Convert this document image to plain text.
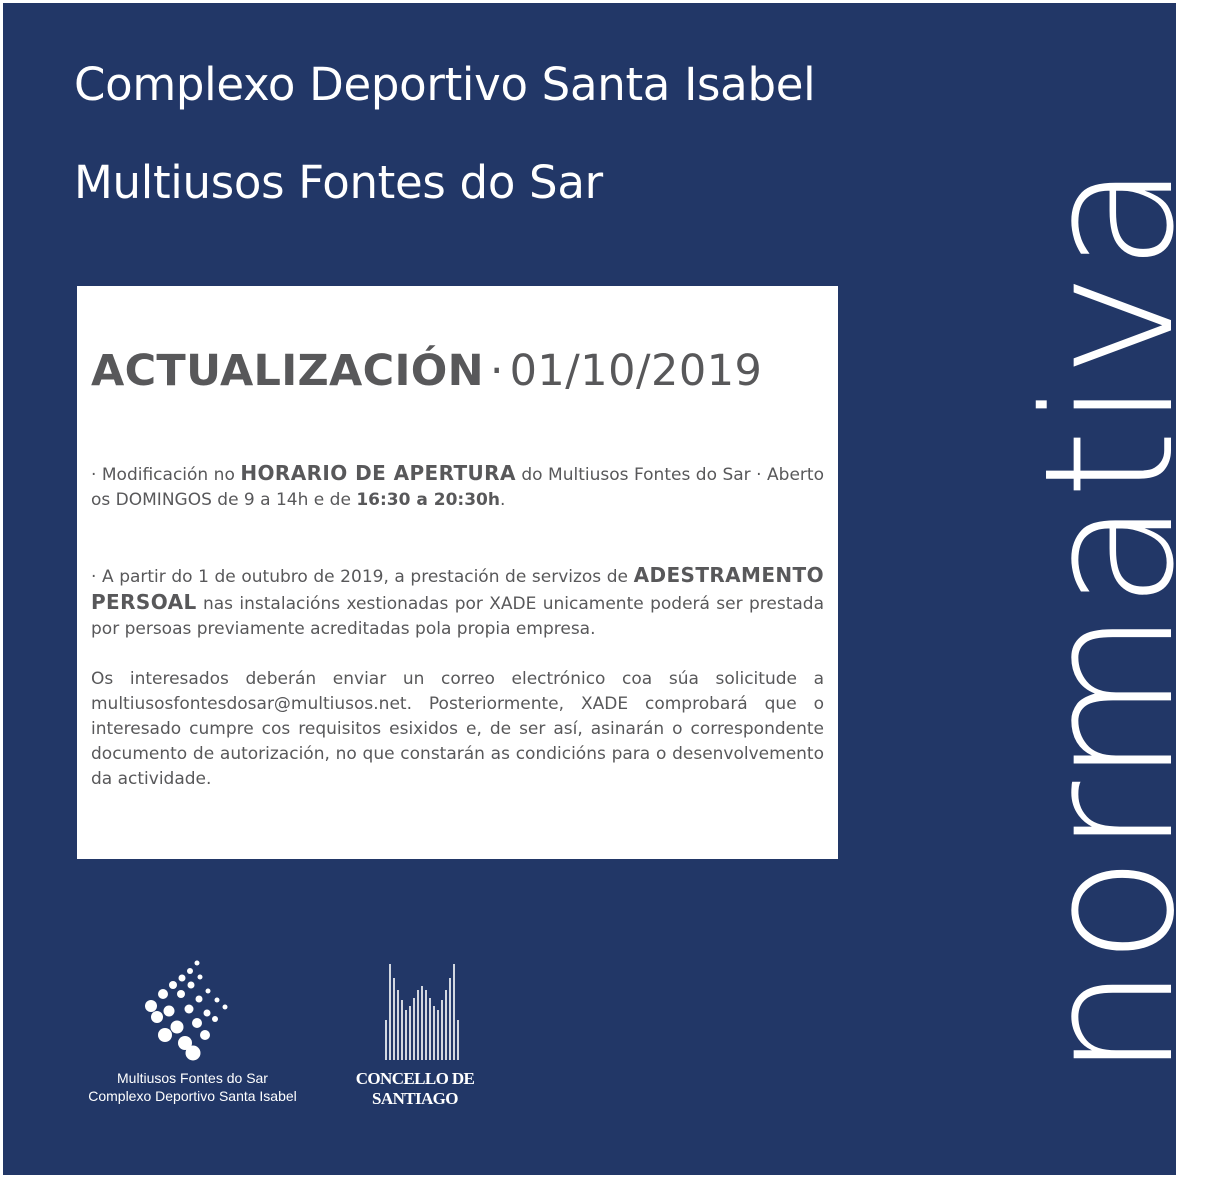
Complexo Deportivo Santa Isabel
Multiusos Fontes do Sar normativa
ACTUALIZACIÓN · 01/10/2019

· Modificación no HORARIO DE APERTURA do Multiusos Fontes do Sar · Aberto os DOMINGOS de 9 a 14h e de 16:30 a 20:30h.

· A partir do 1 de outubro de 2019, a prestación de servizos de ADESTRAMENTO PERSOAL nas instalacións xestionadas por XADE unicamente poderá ser prestada por persoas previamente acreditadas pola propia empresa.

Os interesados deberán enviar un correo electrónico coa súa solicitude a multiusosfontesdosar@multiusos.net. Posteriormente, XADE comprobará que o interesado cumpre cos requisitos esixidos e, de ser así, asinarán o correspondente documento de autorización, no que constarán as condicións para o desenvolvemento da actividade.

Multiusos Fontes do Sar
Complexo Deportivo Santa Isabel
CONCELLO DE
SANTIAGO
